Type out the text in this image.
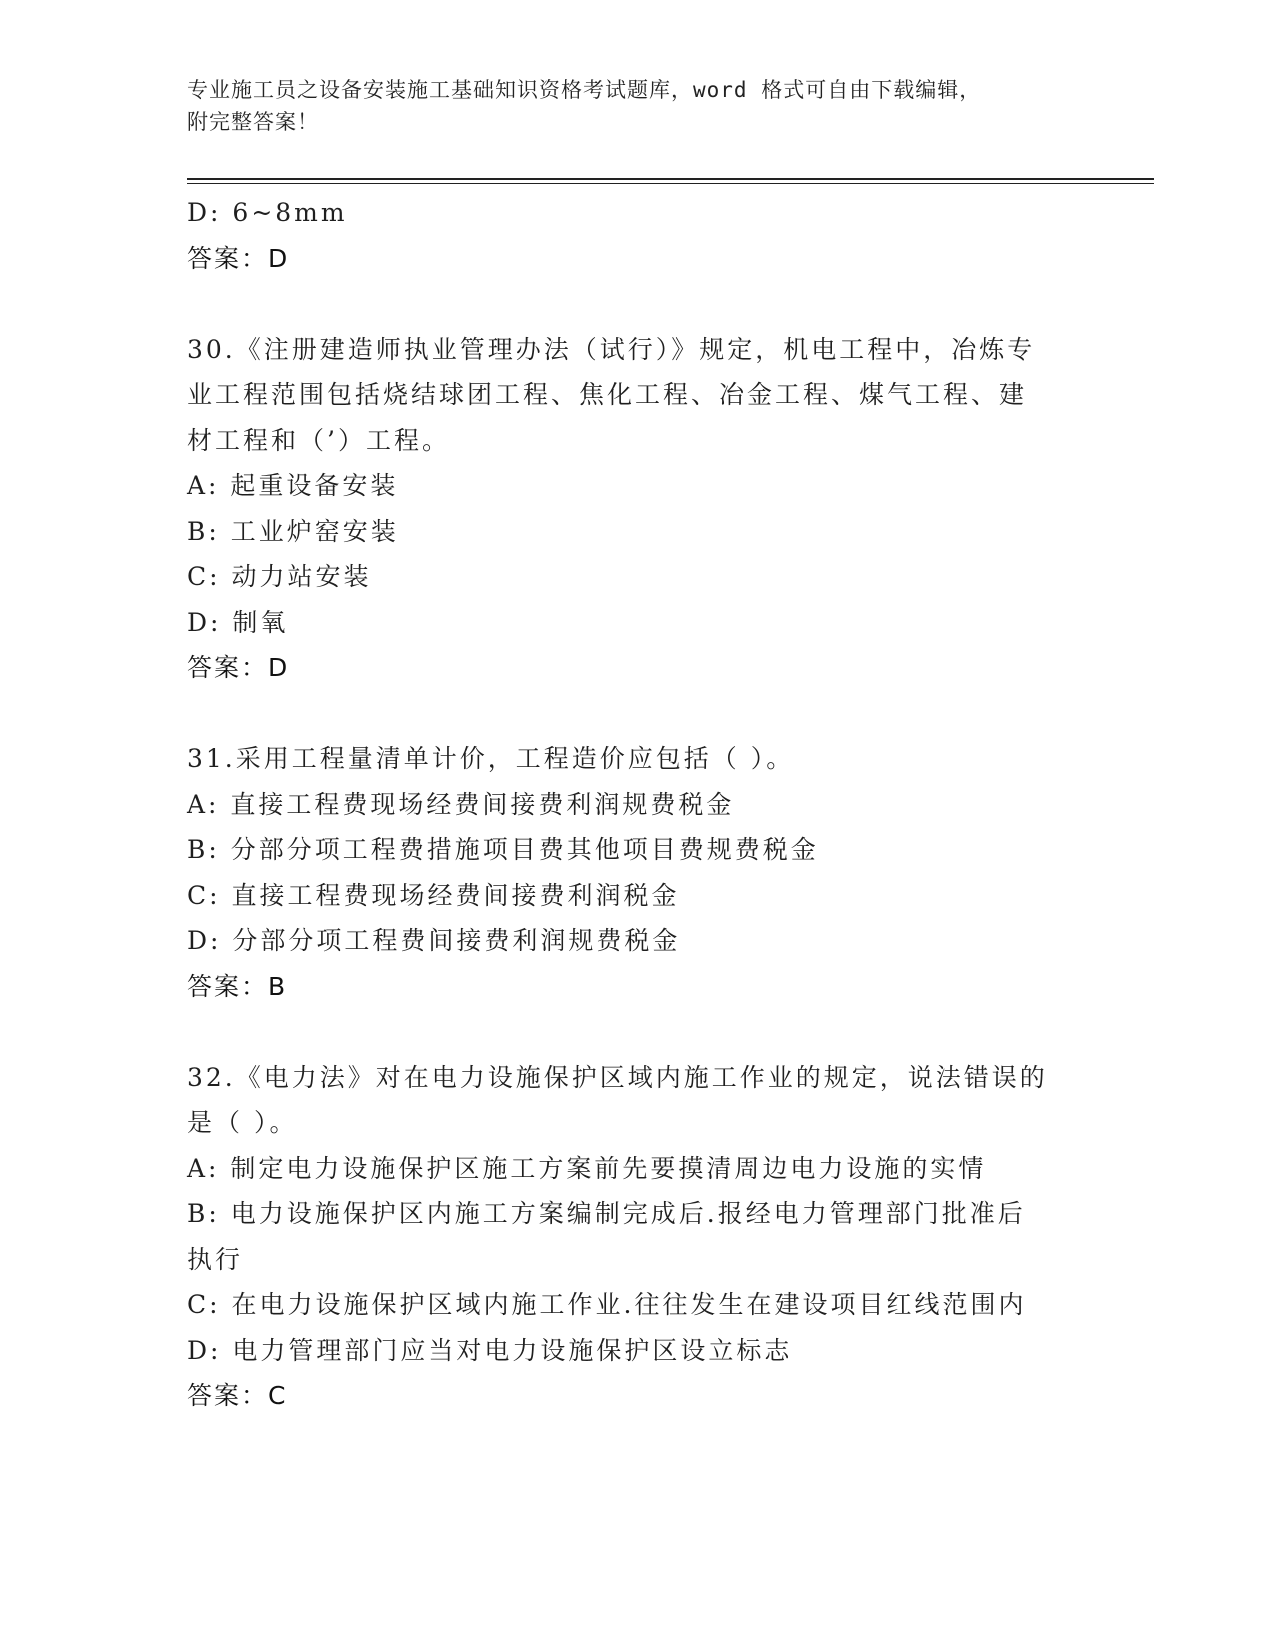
专业施工员之设备安装施工基础知识资格考试题库，word 格式可自由下载编辑，
附完整答案！
D: 6~8mm
答案：D
30.《注册建造师执业管理办法（试行）》规定，机电工程中，冶炼专
业工程范围包括烧结球团工程、焦化工程、冶金工程、煤气工程、建
材工程和（’）工程。
A: 起重设备安装
B: 工业炉窑安装
C: 动力站安装
D: 制氧
答案：D
31.采用工程量清单计价，工程造价应包括（ ）。
A: 直接工程费现场经费间接费利润规费税金
B: 分部分项工程费措施项目费其他项目费规费税金
C: 直接工程费现场经费间接费利润税金
D: 分部分项工程费间接费利润规费税金
答案：B
32.《电力法》对在电力设施保护区域内施工作业的规定，说法错误的
是（ ）。
A: 制定电力设施保护区施工方案前先要摸清周边电力设施的实情
B: 电力设施保护区内施工方案编制完成后.报经电力管理部门批准后
执行
C: 在电力设施保护区域内施工作业.往往发生在建设项目红线范围内
D: 电力管理部门应当对电力设施保护区设立标志
答案：C
